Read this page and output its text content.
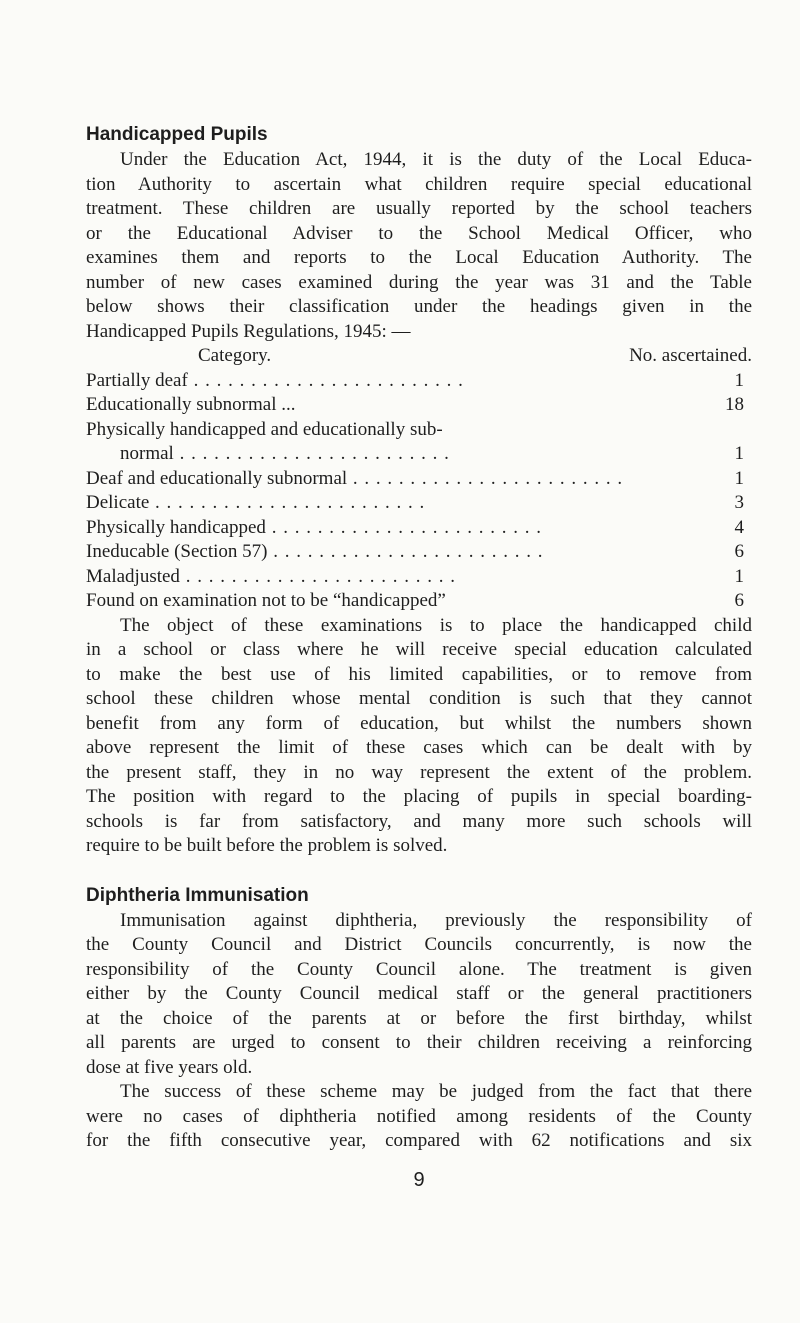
Handicapped Pupils
Under the Education Act, 1944, it is the duty of the Local Educa-
tion Authority to ascertain what children require special educational
treatment. These children are usually reported by the school teachers
or the Educational Adviser to the School Medical Officer, who
examines them and reports to the Local Education Authority. The
number of new cases examined during the year was 31 and the Table
below shows their classification under the headings given in the
Handicapped Pupils Regulations, 1945: —
Category.	No. ascertained.
Partially deaf . . .	1
Educationally subnormal ...	18
Physically handicapped and educationally sub-
normal . . .	1
Deaf and educationally subnormal . . .	1
Delicate . . .	3
Physically handicapped . . .	4
Ineducable (Section 57) . . .	6
Maladjusted . . .	1
Found on examination not to be “handicapped”	6
The object of these examinations is to place the handicapped child
in a school or class where he will receive special education calculated
to make the best use of his limited capabilities, or to remove from
school these children whose mental condition is such that they cannot
benefit from any form of education, but whilst the numbers shown
above represent the limit of these cases which can be dealt with by
the present staff, they in no way represent the extent of the problem.
The position with regard to the placing of pupils in special boarding-
schools is far from satisfactory, and many more such schools will
require to be built before the problem is solved.
Diphtheria Immunisation
Immunisation against diphtheria, previously the responsibility of
the County Council and District Councils concurrently, is now the
responsibility of the County Council alone. The treatment is given
either by the County Council medical staff or the general practitioners
at the choice of the parents at or before the first birthday, whilst
all parents are urged to consent to their children receiving a reinforcing
dose at five years old.
The success of these scheme may be judged from the fact that there
were no cases of diphtheria notified among residents of the County
for the fifth consecutive year, compared with 62 notifications and six
9
